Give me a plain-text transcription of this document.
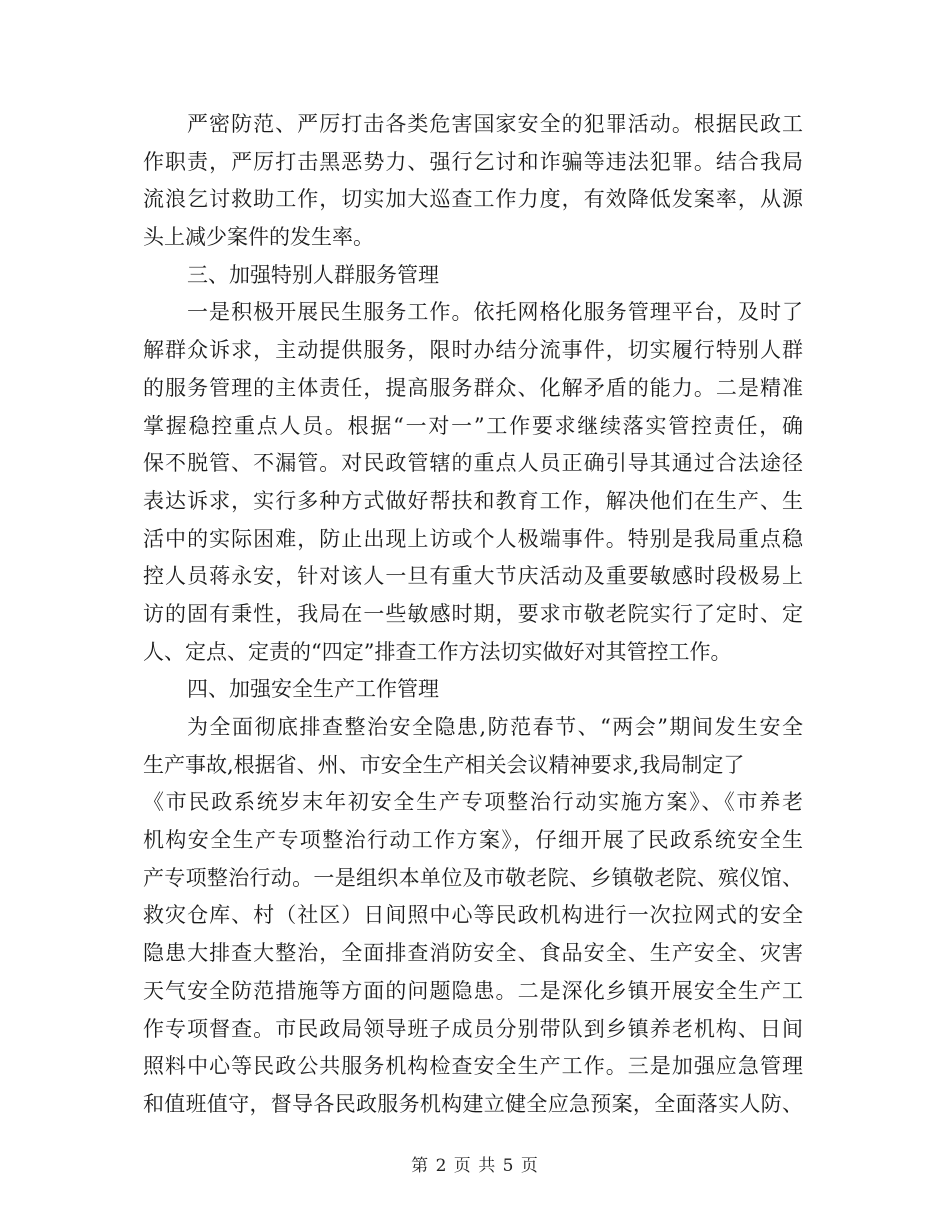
严密防范、严厉打击各类危害国家安全的犯罪活动。根据民政工
作职责，严厉打击黑恶势力、强行乞讨和诈骗等违法犯罪。结合我局
流浪乞讨救助工作，切实加大巡查工作力度，有效降低发案率，从源
头上减少案件的发生率。
三、加强特别人群服务管理
一是积极开展民生服务工作。依托网格化服务管理平台，及时了
解群众诉求，主动提供服务，限时办结分流事件，切实履行特别人群
的服务管理的主体责任，提高服务群众、化解矛盾的能力。二是精准
掌握稳控重点人员。根据“一对一”工作要求继续落实管控责任，确
保不脱管、不漏管。对民政管辖的重点人员正确引导其通过合法途径
表达诉求，实行多种方式做好帮扶和教育工作，解决他们在生产、生
活中的实际困难，防止出现上访或个人极端事件。特别是我局重点稳
控人员蒋永安，针对该人一旦有重大节庆活动及重要敏感时段极易上
访的固有秉性，我局在一些敏感时期，要求市敬老院实行了定时、定
人、定点、定责的“四定”排查工作方法切实做好对其管控工作。
四、加强安全生产工作管理
为全面彻底排查整治安全隐患,防范春节、“两会”期间发生安全
生产事故,根据省、州、市安全生产相关会议精神要求,我局制定了
《市民政系统岁末年初安全生产专项整治行动实施方案》、《市养老
机构安全生产专项整治行动工作方案》，仔细开展了民政系统安全生
产专项整治行动。一是组织本单位及市敬老院、乡镇敬老院、殡仪馆、
救灾仓库、村（社区）日间照中心等民政机构进行一次拉网式的安全
隐患大排查大整治，全面排查消防安全、食品安全、生产安全、灾害
天气安全防范措施等方面的问题隐患。二是深化乡镇开展安全生产工
作专项督查。市民政局领导班子成员分别带队到乡镇养老机构、日间
照料中心等民政公共服务机构检查安全生产工作。三是加强应急管理
和值班值守，督导各民政服务机构建立健全应急预案，全面落实人防、
第 2 页 共 5 页
